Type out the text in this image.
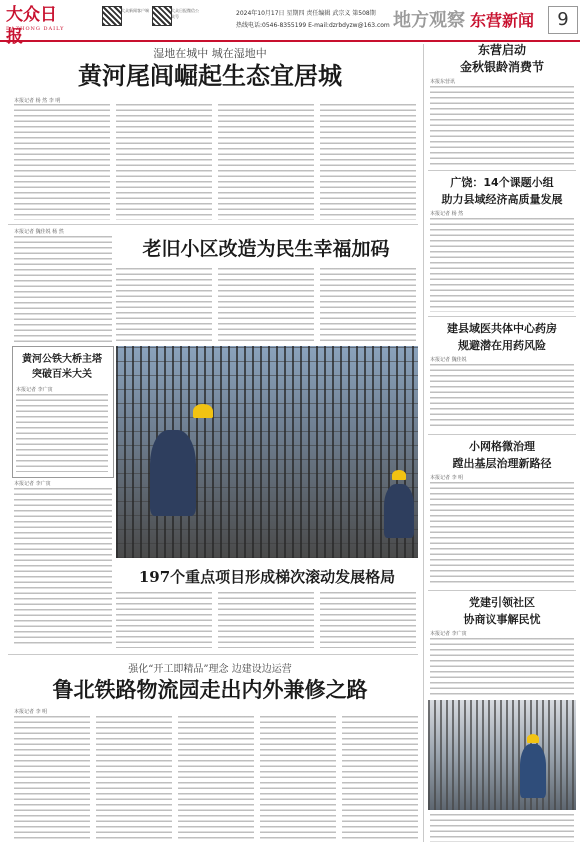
大众日报
DAZHONG DAILY
大众新闻客户端	大众日报微信公众号	2024年10月17日 星期四 责任编辑 武宗义 第508期
热线电话:0546-8355199 E-mail:dzrbdyzw@163.com 地方观察 东营新闻	9
湿地在城中 城在湿地中
黄河尾闾崛起生态宜居城
本报记者 杨 然 李 明
本报记者 魏佳锐 杨 然
老旧小区改造为民生幸福加码
黄河公铁大桥主塔
突破百米大关
本报记者 李广寅
本报记者 李广寅
197个重点项目形成梯次滚动发展格局
强化“开工即精品”理念 边建设边运营
鲁北铁路物流园走出内外兼修之路
本报记者 李 明
东营启动
金秋银龄消费节
本报东营讯
广饶：14个课题小组
助力县域经济高质量发展
本报记者 杨 然
建县域医共体中心药房
规避潜在用药风险
本报记者 魏佳锐
小网格微治理
蹚出基层治理新路径
本报记者 李 明
党建引领社区
协商议事解民忧
本报记者 李广寅
